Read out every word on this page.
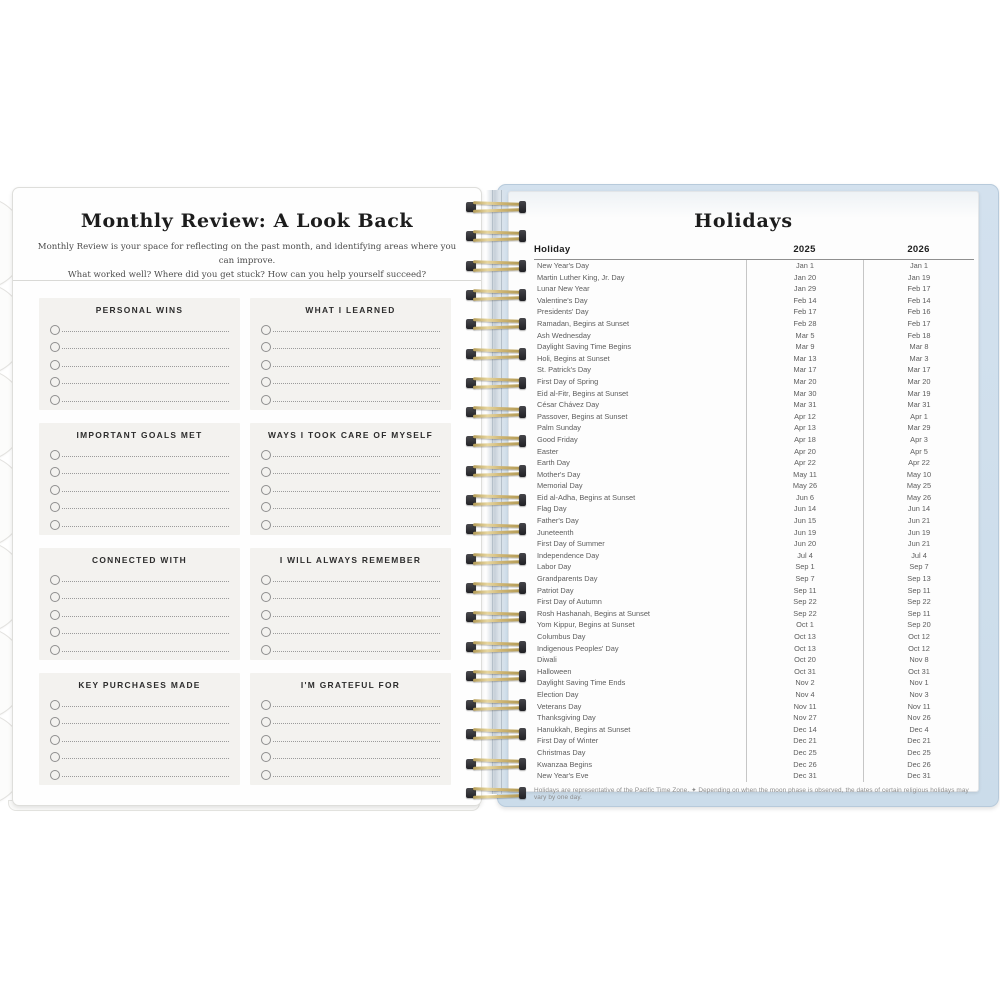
Monthly Review: A Look Back
Monthly Review is your space for reflecting on the past month, and identifying areas where you can improve.
What worked well? Where did you get stuck? How can you help yourself succeed?
PERSONAL WINS	WHAT I LEARNED
IMPORTANT GOALS MET	WAYS I TOOK CARE OF MYSELF
CONNECTED WITH	I WILL ALWAYS REMEMBER
KEY PURCHASES MADE	I'M GRATEFUL FOR
Holidays
Holiday	2025	2026
New Year's Day	Jan 1	Jan 1
Martin Luther King, Jr. Day	Jan 20	Jan 19
Lunar New Year	Jan 29	Feb 17
Valentine's Day	Feb 14	Feb 14
Presidents' Day	Feb 17	Feb 16
Ramadan, Begins at Sunset	Feb 28	Feb 17
Ash Wednesday	Mar 5	Feb 18
Daylight Saving Time Begins	Mar 9	Mar 8
Holi, Begins at Sunset	Mar 13	Mar 3
St. Patrick's Day	Mar 17	Mar 17
First Day of Spring	Mar 20	Mar 20
Eid al-Fitr, Begins at Sunset	Mar 30	Mar 19
César Chávez Day	Mar 31	Mar 31
Passover, Begins at Sunset	Apr 12	Apr 1
Palm Sunday	Apr 13	Mar 29
Good Friday	Apr 18	Apr 3
Easter	Apr 20	Apr 5
Earth Day	Apr 22	Apr 22
Mother's Day	May 11	May 10
Memorial Day	May 26	May 25
Eid al-Adha, Begins at Sunset	Jun 6	May 26
Flag Day	Jun 14	Jun 14
Father's Day	Jun 15	Jun 21
Juneteenth	Jun 19	Jun 19
First Day of Summer	Jun 20	Jun 21
Independence Day	Jul 4	Jul 4
Labor Day	Sep 1	Sep 7
Grandparents Day	Sep 7	Sep 13
Patriot Day	Sep 11	Sep 11
First Day of Autumn	Sep 22	Sep 22
Rosh Hashanah, Begins at Sunset	Sep 22	Sep 11
Yom Kippur, Begins at Sunset	Oct 1	Sep 20
Columbus Day	Oct 13	Oct 12
Indigenous Peoples' Day	Oct 13	Oct 12
Diwali	Oct 20	Nov 8
Halloween	Oct 31	Oct 31
Daylight Saving Time Ends	Nov 2	Nov 1
Election Day	Nov 4	Nov 3
Veterans Day	Nov 11	Nov 11
Thanksgiving Day	Nov 27	Nov 26
Hanukkah, Begins at Sunset	Dec 14	Dec 4
First Day of Winter	Dec 21	Dec 21
Christmas Day	Dec 25	Dec 25
Kwanzaa Begins	Dec 26	Dec 26
New Year's Eve	Dec 31	Dec 31
Holidays are representative of the Pacific Time Zone. ✦ Depending on when the moon phase is observed, the dates of certain religious holidays may vary by one day.
